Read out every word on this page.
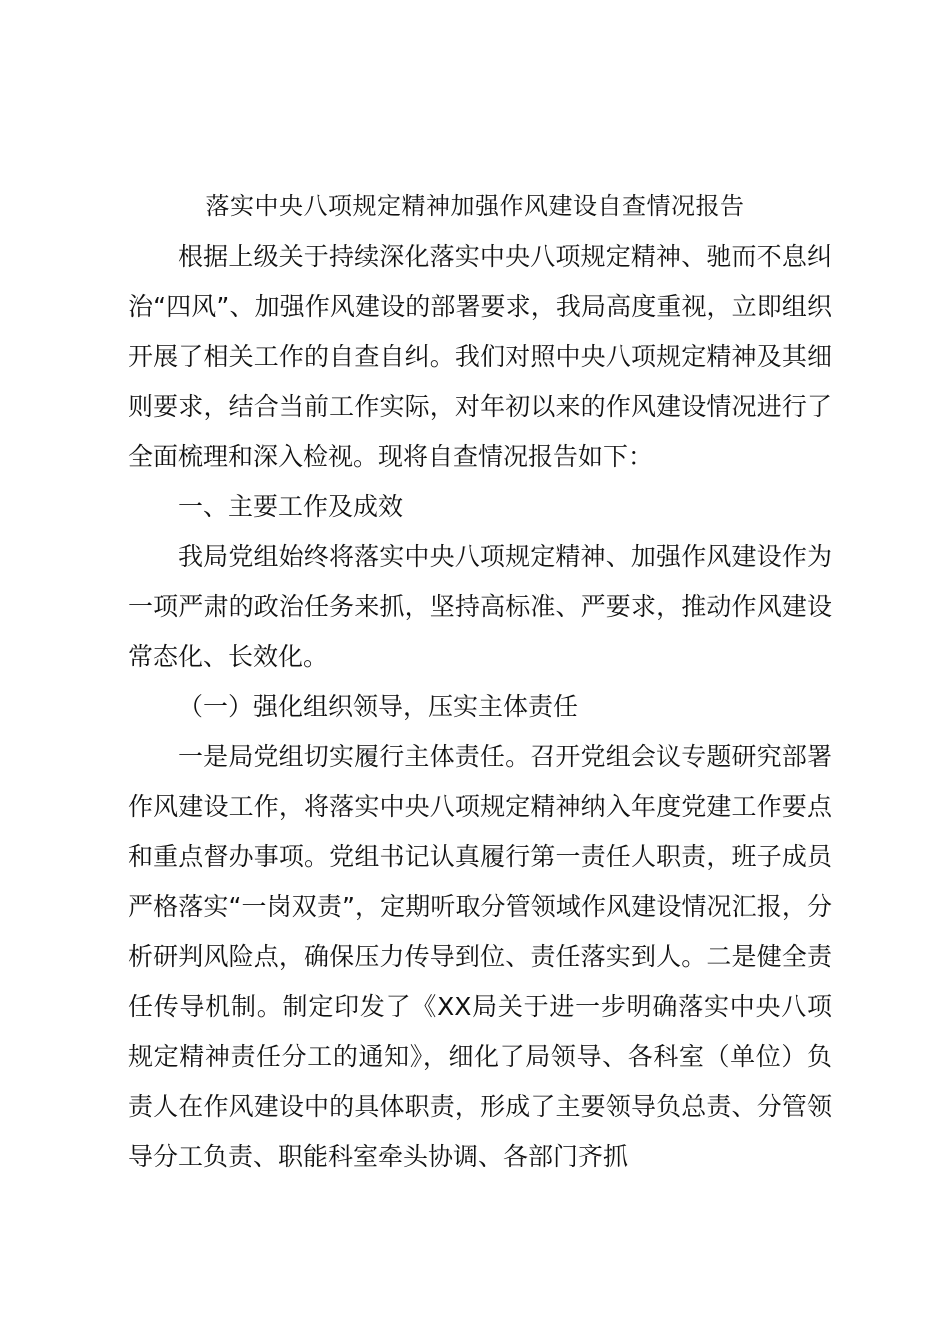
落实中央八项规定精神加强作风建设自查情况报告

根据上级关于持续深化落实中央八项规定精神、驰而不息纠治“四风”、加强作风建设的部署要求，我局高度重视，立即组织开展了相关工作的自查自纠。我们对照中央八项规定精神及其细则要求，结合当前工作实际，对年初以来的作风建设情况进行了全面梳理和深入检视。现将自查情况报告如下：

一、主要工作及成效

我局党组始终将落实中央八项规定精神、加强作风建设作为一项严肃的政治任务来抓，坚持高标准、严要求，推动作风建设常态化、长效化。

（一）强化组织领导，压实主体责任

一是局党组切实履行主体责任。召开党组会议专题研究部署作风建设工作，将落实中央八项规定精神纳入年度党建工作要点和重点督办事项。党组书记认真履行第一责任人职责，班子成员严格落实“一岗双责”，定期听取分管领域作风建设情况汇报，分析研判风险点，确保压力传导到位、责任落实到人。二是健全责任传导机制。制定印发了《XX局关于进一步明确落实中央八项规定精神责任分工的通知》，细化了局领导、各科室（单位）负责人在作风建设中的具体职责，形成了主要领导负总责、分管领导分工负责、职能科室牵头协调、各部门齐抓
